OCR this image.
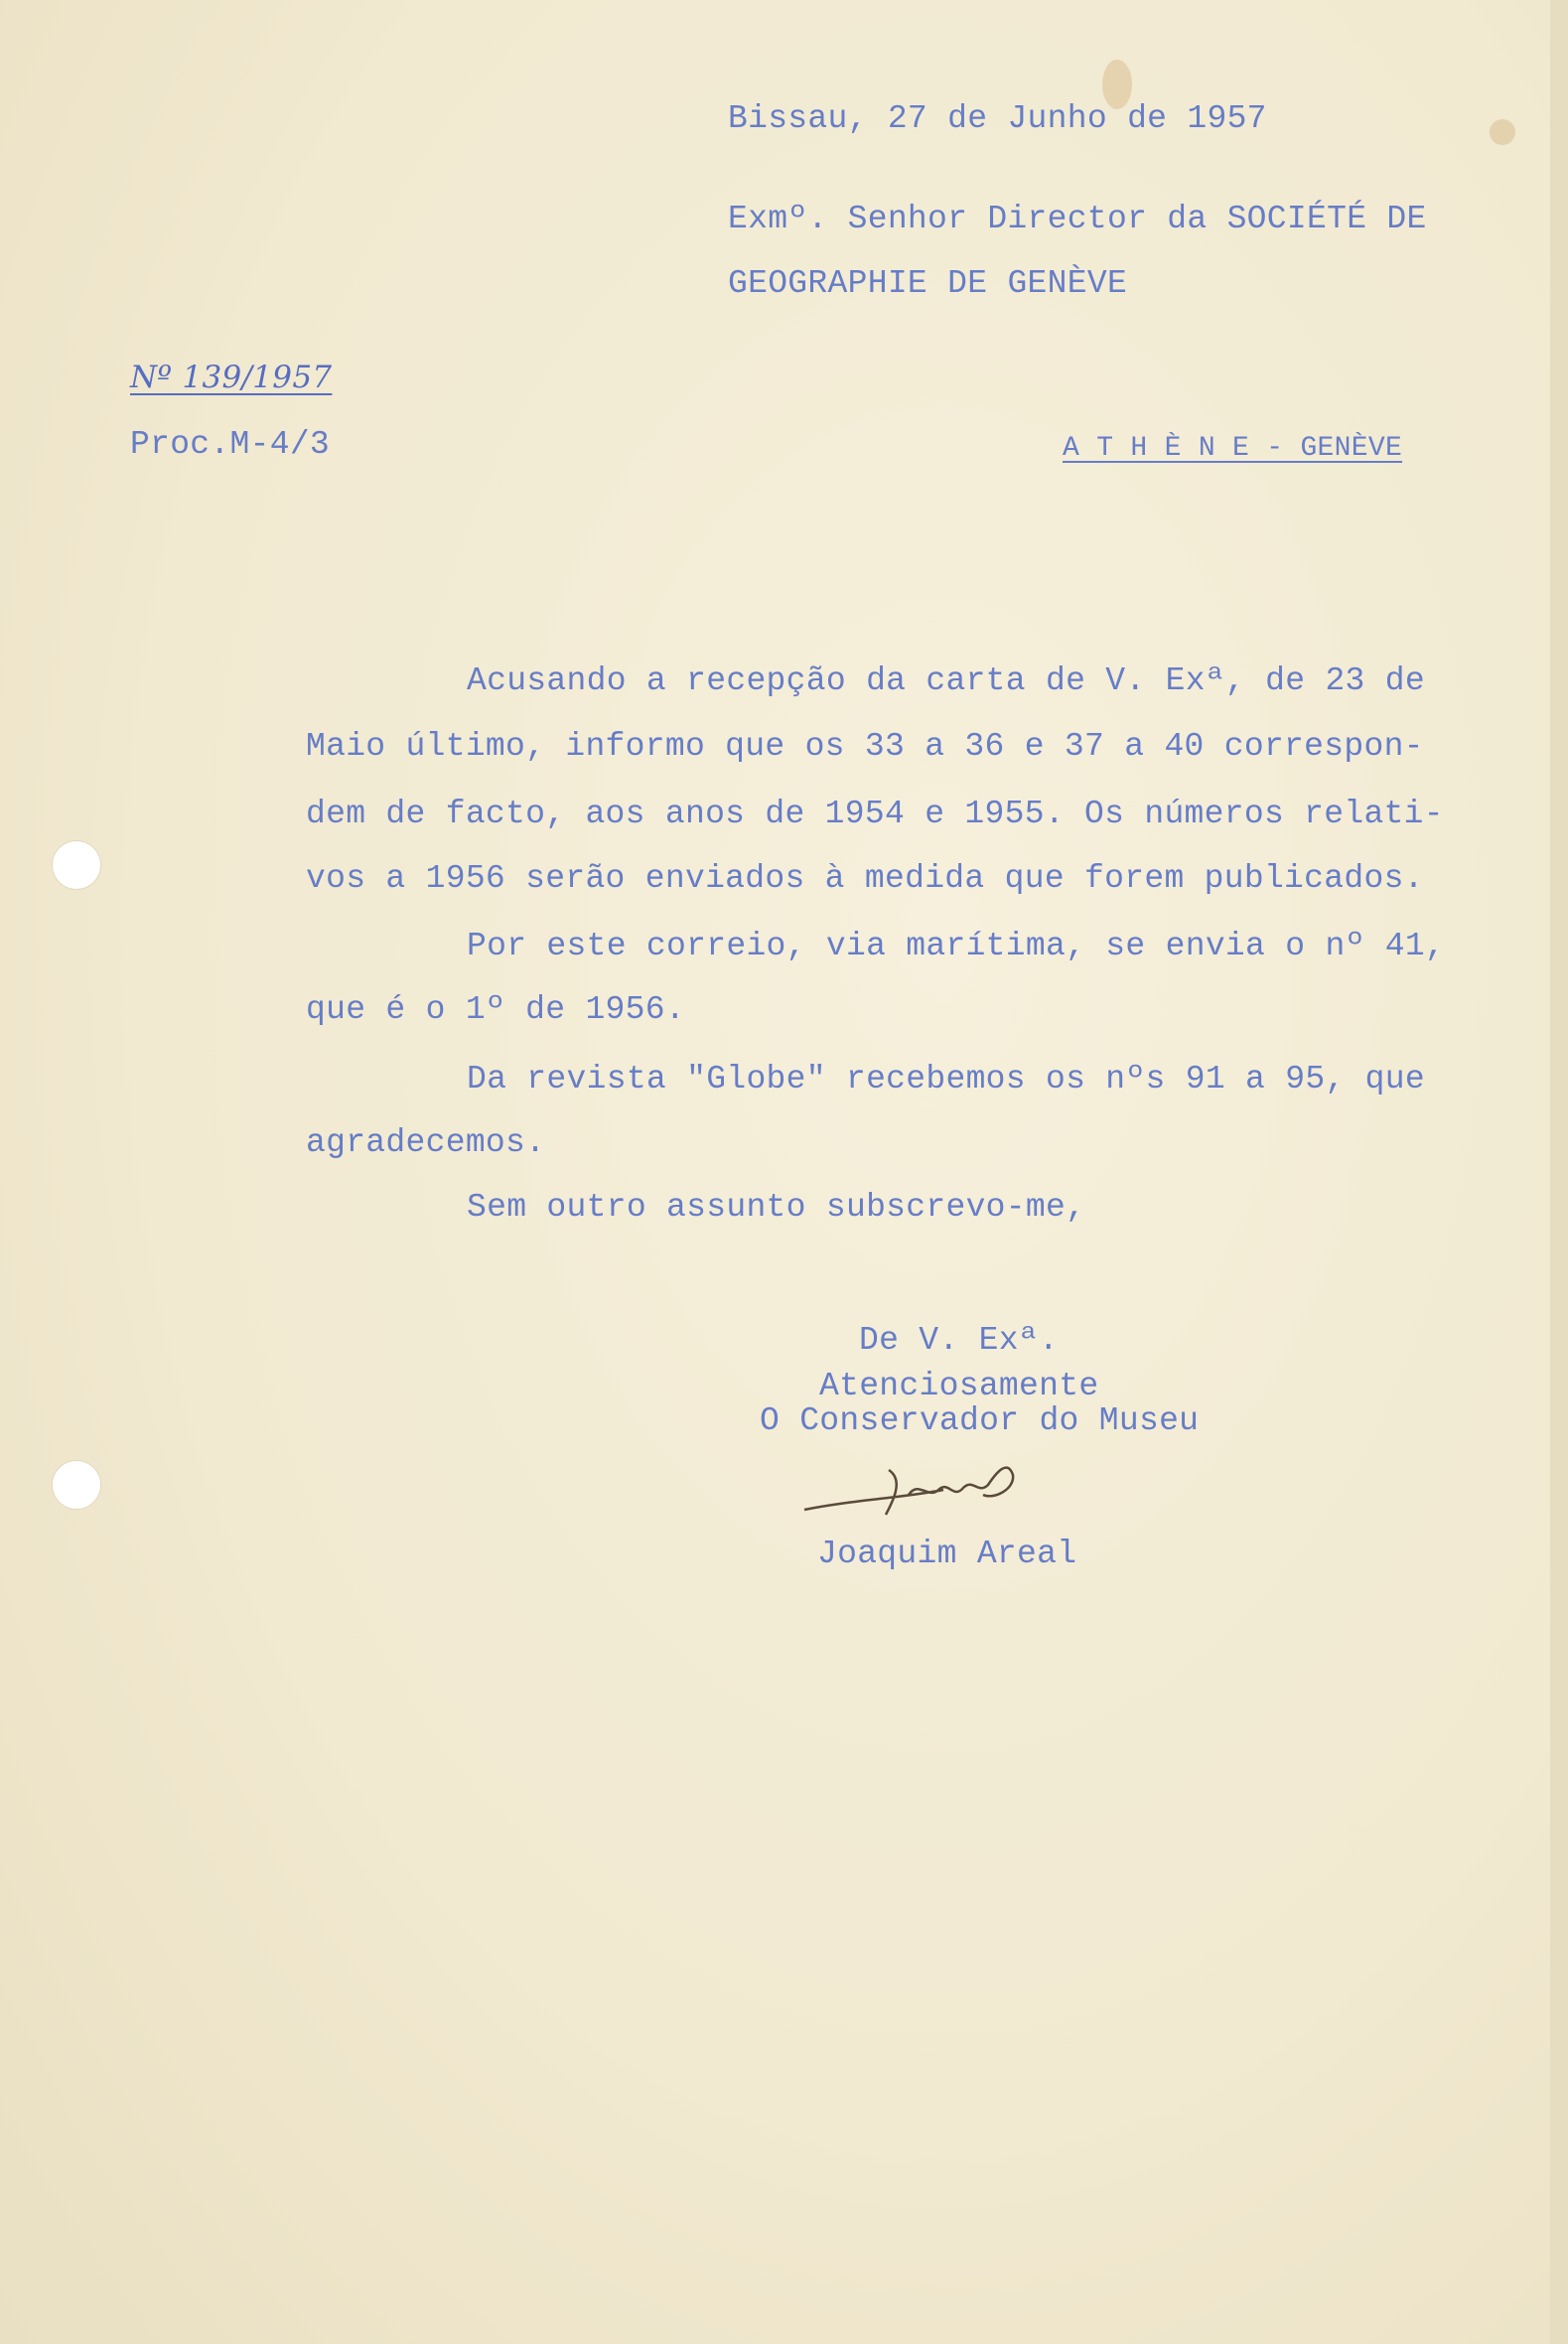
Bissau, 27 de Junho de 1957
Exmº. Senhor Director da SOCIÉTÉ DE
GEOGRAPHIE DE GENÈVE
Nº 139/1957
Proc.M-4/3	A T H È N E - GENÈVE
Acusando a recepção da carta de V. Exª, de 23 de
Maio último, informo que os 33 a 36 e 37 a 40 correspon-
dem de facto, aos anos de 1954 e 1955. Os números relati-
vos a 1956 serão enviados à medida que forem publicados.
Por este correio, via marítima, se envia o nº 41,
que é o 1º de 1956.
Da revista "Globe" recebemos os nºs 91 a 95, que
agradecemos.
Sem outro assunto subscrevo-me,
De V. Exª.
Atenciosamente
O Conservador do Museu
Joaquim Areal
